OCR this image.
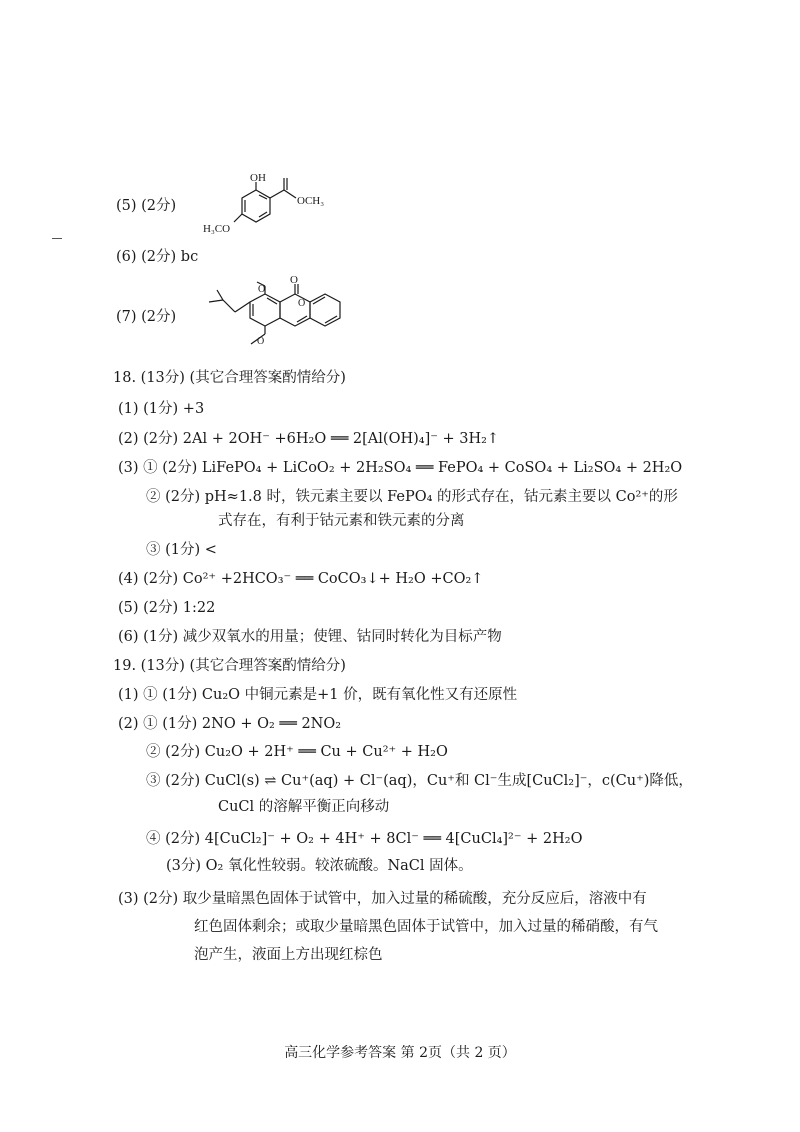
(5) (2分)
OH
OCH₃
H₃CO
(6) (2分) bc
(7) (2分)
O
O
O
O
18. (13分) (其它合理答案酌情给分)
(1) (1分) +3
(2) (2分) 2Al + 2OH⁻ +6H₂O ══ 2[Al(OH)₄]⁻ + 3H₂↑
(3) ① (2分) LiFePO₄ + LiCoO₂ + 2H₂SO₄ ══ FePO₄ + CoSO₄ + Li₂SO₄ + 2H₂O
② (2分) pH≈1.8 时，铁元素主要以 FePO₄ 的形式存在，钴元素主要以 Co²⁺的形
式存在，有利于钴元素和铁元素的分离
③ (1分) <
(4) (2分) Co²⁺ +2HCO₃⁻ ══ CoCO₃↓+ H₂O +CO₂↑
(5) (2分) 1:22
(6) (1分) 减少双氧水的用量；使锂、钴同时转化为目标产物
19. (13分) (其它合理答案酌情给分)
(1) ① (1分) Cu₂O 中铜元素是+1 价，既有氧化性又有还原性
(2) ① (1分) 2NO + O₂ ══ 2NO₂
② (2分) Cu₂O + 2H⁺ ══ Cu + Cu²⁺ + H₂O
③ (2分) CuCl(s) ⇌ Cu⁺(aq) + Cl⁻(aq)，Cu⁺和 Cl⁻生成[CuCl₂]⁻，c(Cu⁺)降低，
CuCl 的溶解平衡正向移动
④ (2分) 4[CuCl₂]⁻ + O₂ + 4H⁺ + 8Cl⁻ ══ 4[CuCl₄]²⁻ + 2H₂O
(3分) O₂ 氧化性较弱。较浓硫酸。NaCl 固体。
(3) (2分) 取少量暗黑色固体于试管中，加入过量的稀硫酸，充分反应后，溶液中有
红色固体剩余；或取少量暗黑色固体于试管中，加入过量的稀硝酸，有气
泡产生，液面上方出现红棕色
高三化学参考答案 第 2页（共 2 页）
